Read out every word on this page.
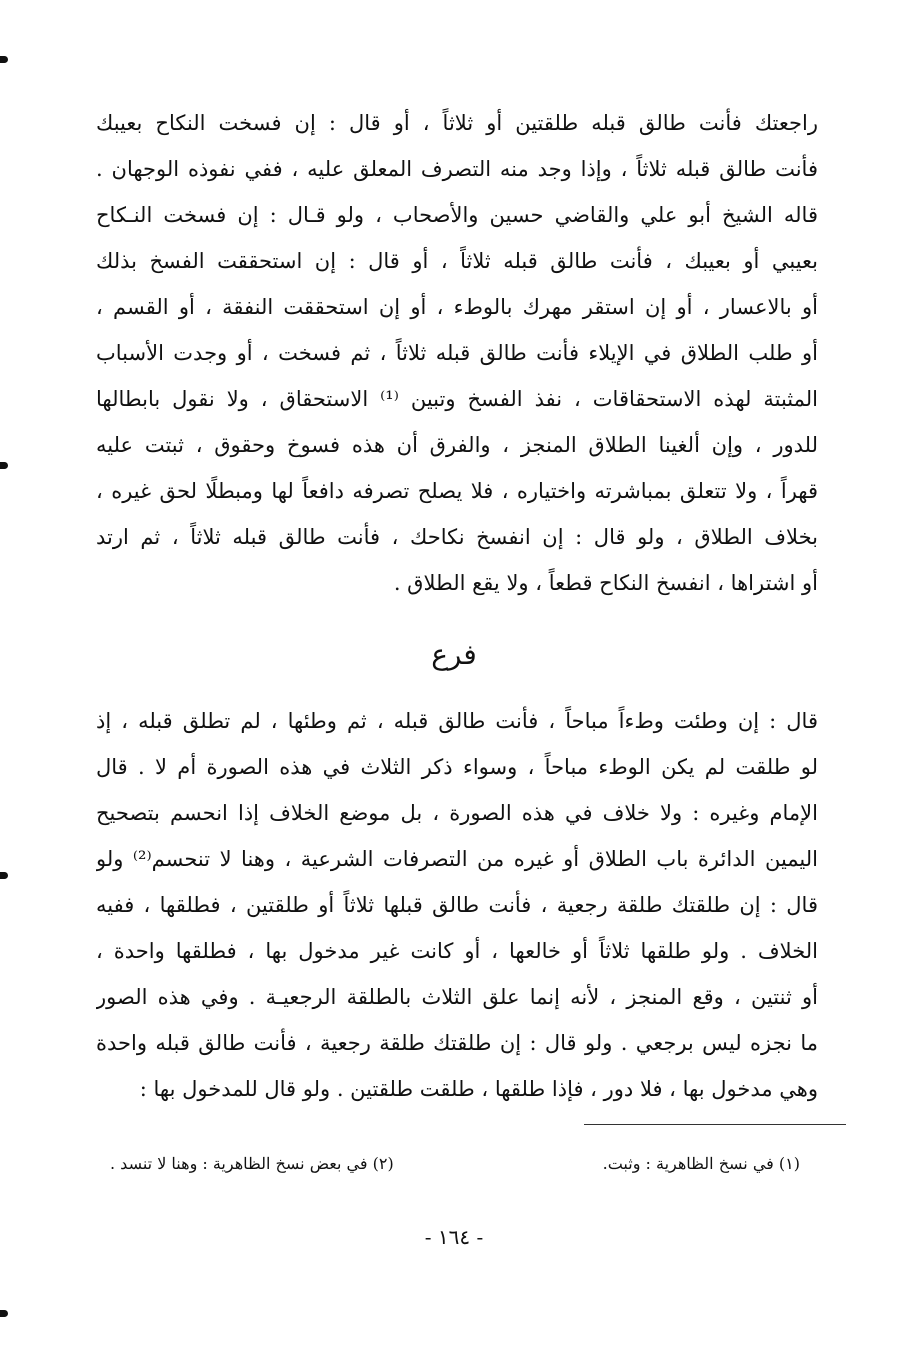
راجعتك فأنت طالق قبله طلقتين أو ثلاثاً ، أو قال : إن فسخت النكاح بعيبك
فأنت طالق قبله ثلاثاً ، وإذا وجد منه التصرف المعلق عليه ، ففي نفوذه الوجهان .
قاله الشيخ أبو علي والقاضي حسين والأصحاب ، ولو قـال : إن فسخت النـكاح
بعيبي أو بعيبك ، فأنت طالق قبله ثلاثاً ، أو قال : إن استحققت الفسخ بذلك
أو بالاعسار ، أو إن استقر مهرك بالوطء ، أو إن استحققت النفقة ، أو القسم ،
أو طلب الطلاق في الإيلاء فأنت طالق قبله ثلاثاً ، ثم فسخت ، أو وجدت الأسباب
المثبتة لهذه الاستحقاقات ، نفذ الفسخ وتبين ⁽¹⁾ الاستحقاق ، ولا نقول بابطالها
للدور ، وإن ألغينا الطلاق المنجز ، والفرق أن هذه فسوخ وحقوق ، ثبتت عليه
قهراً ، ولا تتعلق بمباشرته واختياره ، فلا يصلح تصرفه دافعاً لها ومبطلًا لحق غيره ،
بخلاف الطلاق ، ولو قال : إن انفسخ نكاحك ، فأنت طالق قبله ثلاثاً ، ثم ارتد
أو اشتراها ، انفسخ النكاح قطعاً ، ولا يقع الطلاق .
فرع
قال : إن وطئت وطءاً مباحاً ، فأنت طالق قبله ، ثم وطئها ، لم تطلق قبله ، إذ
لو طلقت لم يكن الوطء مباحاً ، وسواء ذكر الثلاث في هذه الصورة أم لا . قال
الإمام وغيره : ولا خلاف في هذه الصورة ، بل موضع الخلاف إذا انحسم بتصحيح
اليمين الدائرة باب الطلاق أو غيره من التصرفات الشرعية ، وهنا لا تنحسم⁽²⁾ ولو
قال : إن طلقتك طلقة رجعية ، فأنت طالق قبلها ثلاثاً أو طلقتين ، فطلقها ، ففيه
الخلاف . ولو طلقها ثلاثاً أو خالعها ، أو كانت غير مدخول بها ، فطلقها واحدة ،
أو ثنتين ، وقع المنجز ، لأنه إنما علق الثلاث بالطلقة الرجعيـة . وفي هذه الصور
ما نجزه ليس برجعي . ولو قال : إن طلقتك طلقة رجعية ، فأنت طالق قبله واحدة
وهي مدخول بها ، فلا دور ، فإذا طلقها ، طلقت طلقتين . ولو قال للمدخول بها :
(١) في نسخ الظاهرية : وثبت.
(٢) في بعض نسخ الظاهرية : وهنا لا تنسد .
- ١٦٤ -
